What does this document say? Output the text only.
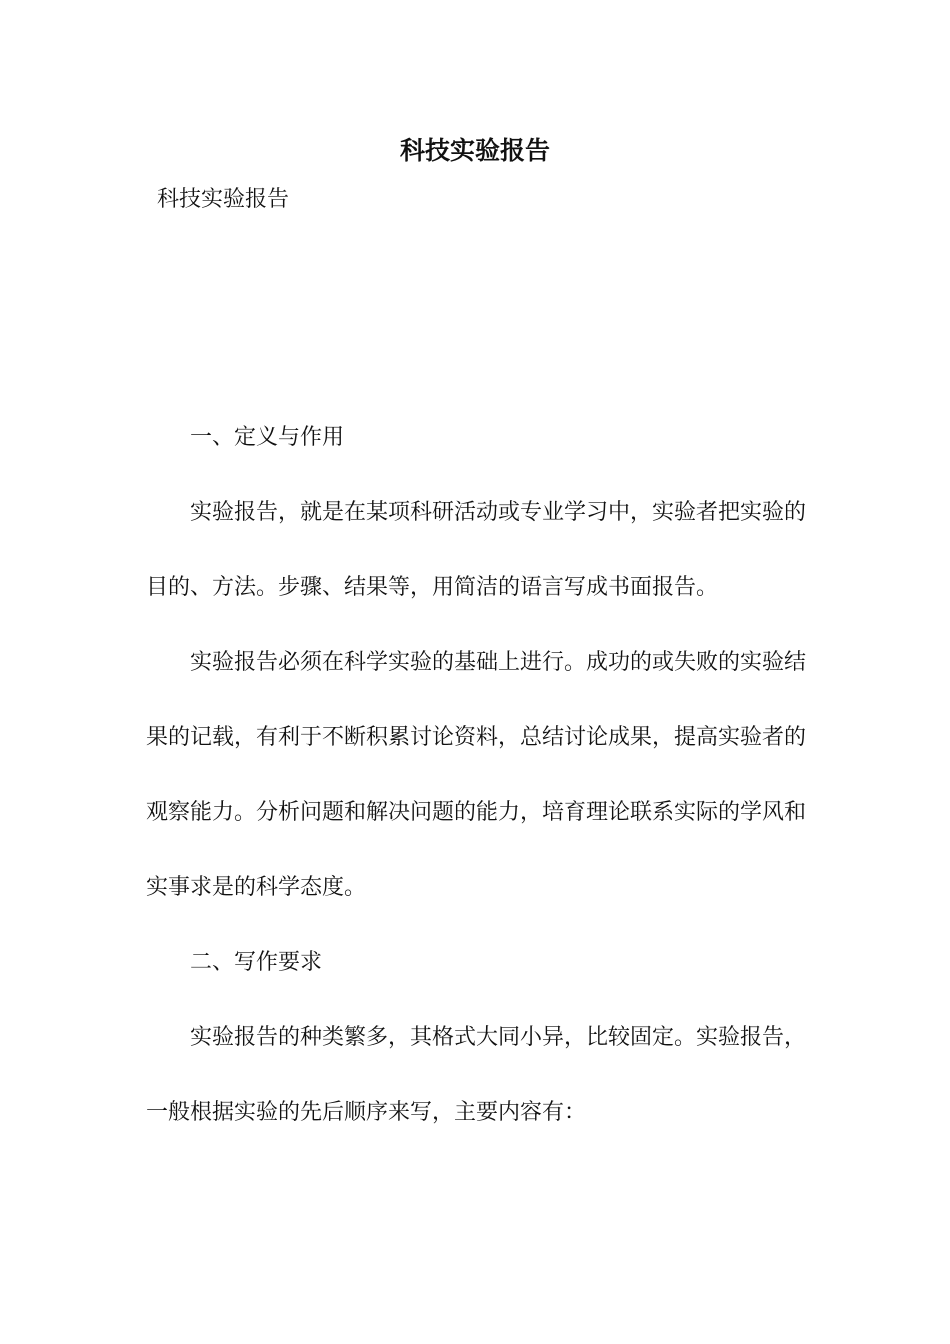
科技实验报告

科技实验报告

一、定义与作用

实验报告，就是在某项科研活动或专业学习中，实验者把实验的目的、方法。步骤、结果等，用简洁的语言写成书面报告。

实验报告必须在科学实验的基础上进行。成功的或失败的实验结果的记载，有利于不断积累讨论资料，总结讨论成果，提高实验者的观察能力。分析问题和解决问题的能力，培育理论联系实际的学风和实事求是的科学态度。

二、写作要求

实验报告的种类繁多，其格式大同小异，比较固定。实验报告，一般根据实验的先后顺序来写，主要内容有：
